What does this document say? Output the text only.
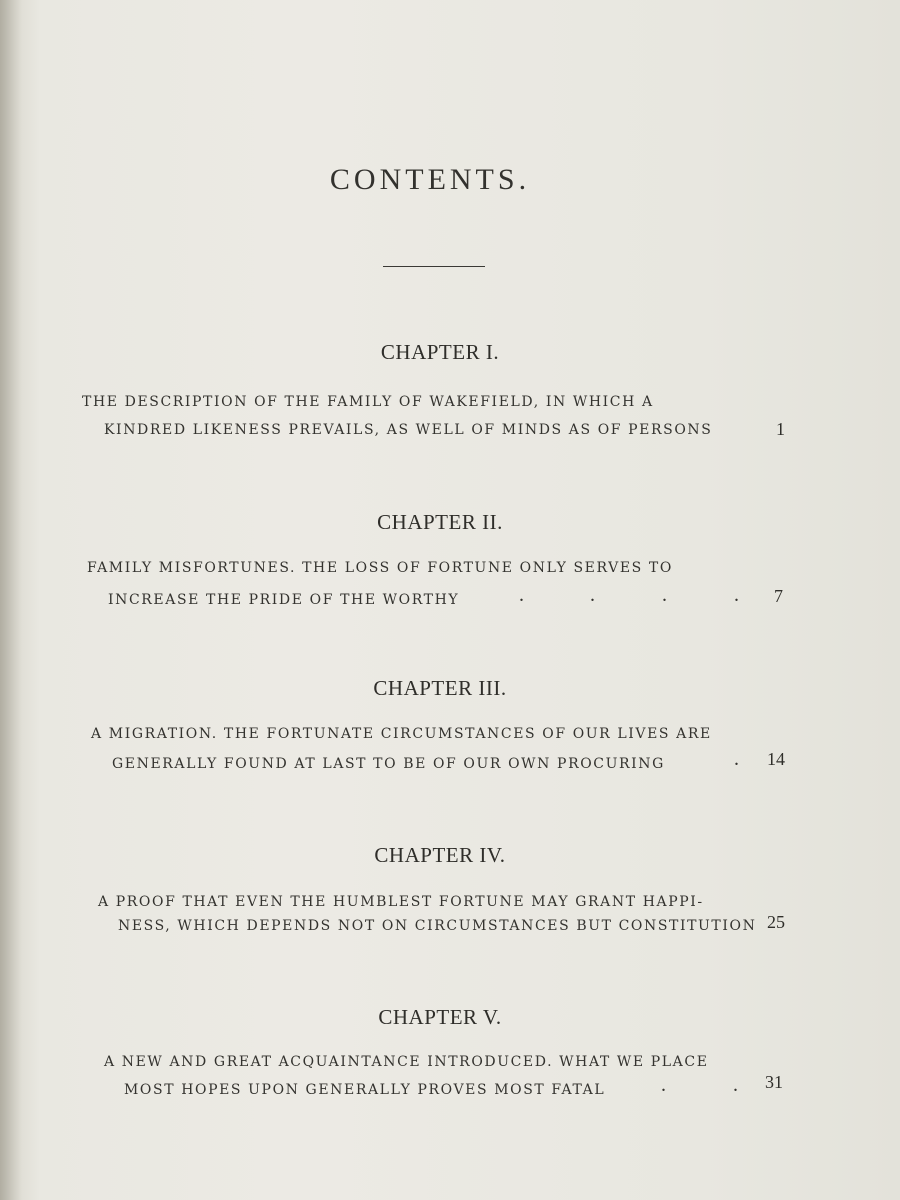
CONTENTS.
CHAPTER I.
THE DESCRIPTION OF THE FAMILY OF WAKEFIELD, IN WHICH A
KINDRED LIKENESS PREVAILS, AS WELL OF MINDS AS OF PERSONS	1
CHAPTER II.
FAMILY MISFORTUNES. THE LOSS OF FORTUNE ONLY SERVES TO
INCREASE THE PRIDE OF THE WORTHY	.	.	.	.	7
CHAPTER III.
A MIGRATION. THE FORTUNATE CIRCUMSTANCES OF OUR LIVES ARE
GENERALLY FOUND AT LAST TO BE OF OUR OWN PROCURING	.	14
CHAPTER IV.
A PROOF THAT EVEN THE HUMBLEST FORTUNE MAY GRANT HAPPI-
NESS, WHICH DEPENDS NOT ON CIRCUMSTANCES BUT CONSTITUTION 25
CHAPTER V.
A NEW AND GREAT ACQUAINTANCE INTRODUCED. WHAT WE PLACE
MOST HOPES UPON GENERALLY PROVES MOST FATAL	.	.	31
